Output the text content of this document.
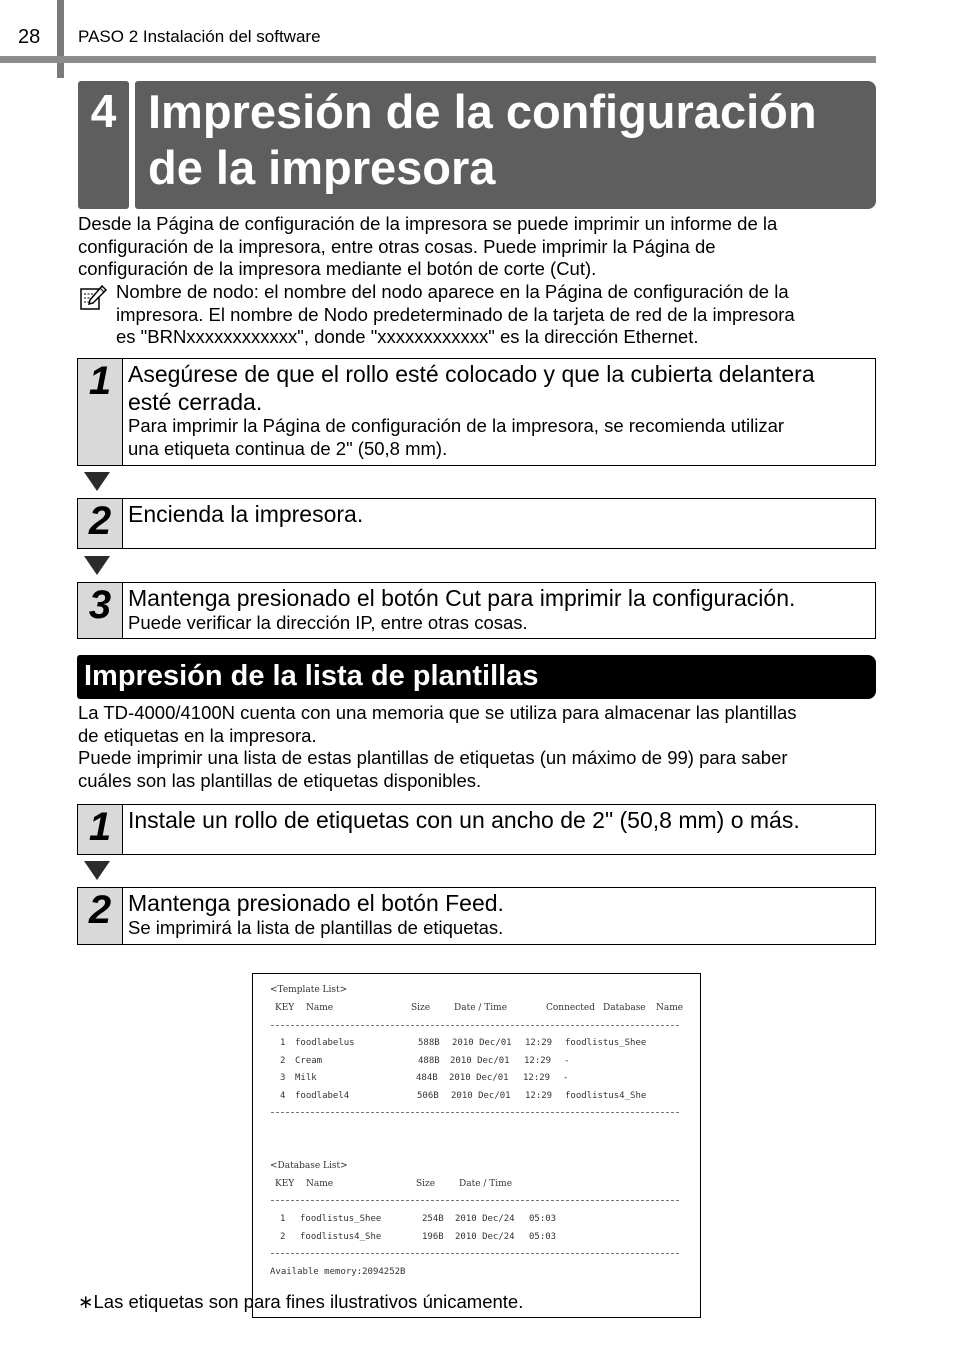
28 PASO 2 Instalación del software
4 Impresión de la configuración
de la impresora
Desde la Página de configuración de la impresora se puede imprimir un informe de la
configuración de la impresora, entre otras cosas. Puede imprimir la Página de
configuración de la impresora mediante el botón de corte (Cut).
Nombre de nodo: el nombre del nodo aparece en la Página de configuración de la
impresora. El nombre de Nodo predeterminado de la tarjeta de red de la impresora
es "BRNxxxxxxxxxxxx", donde "xxxxxxxxxxxx" es la dirección Ethernet.
1 Asegúrese de que el rollo esté colocado y que la cubierta delantera
esté cerrada.
Para imprimir la Página de configuración de la impresora, se recomienda utilizar
una etiqueta continua de 2" (50,8 mm).
2 Encienda la impresora.
3 Mantenga presionado el botón Cut para imprimir la configuración.
Puede verificar la dirección IP, entre otras cosas.
Impresión de la lista de plantillas
La TD-4000/4100N cuenta con una memoria que se utiliza para almacenar las plantillas
de etiquetas en la impresora.
Puede imprimir una lista de estas plantillas de etiquetas (un máximo de 99) para saber
cuáles son las plantillas de etiquetas disponibles.
1 Instale un rollo de etiquetas con un ancho de 2" (50,8 mm) o más.
2 Mantenga presionado el botón Feed.
Se imprimirá la lista de plantillas de etiquetas.
<Template List>
KEY Name	Size	Date / Time	Connected Database Name
1 foodlabelus	588B 2010 Dec/01 12:29 foodlistus_Shee
2 Cream	488B 2010 Dec/01 12:29 -
3 Milk	484B 2010 Dec/01 12:29 -
4 foodlabel4	506B 2010 Dec/01 12:29 foodlistus4_She
<Database List>
KEY Name	Size	Date / Time
1 foodlistus_Shee	254B 2010 Dec/24 05:03
2 foodlistus4_She	196B 2010 Dec/24 05:03
Available memory:2094252B
∗Las etiquetas son para fines ilustrativos únicamente.
